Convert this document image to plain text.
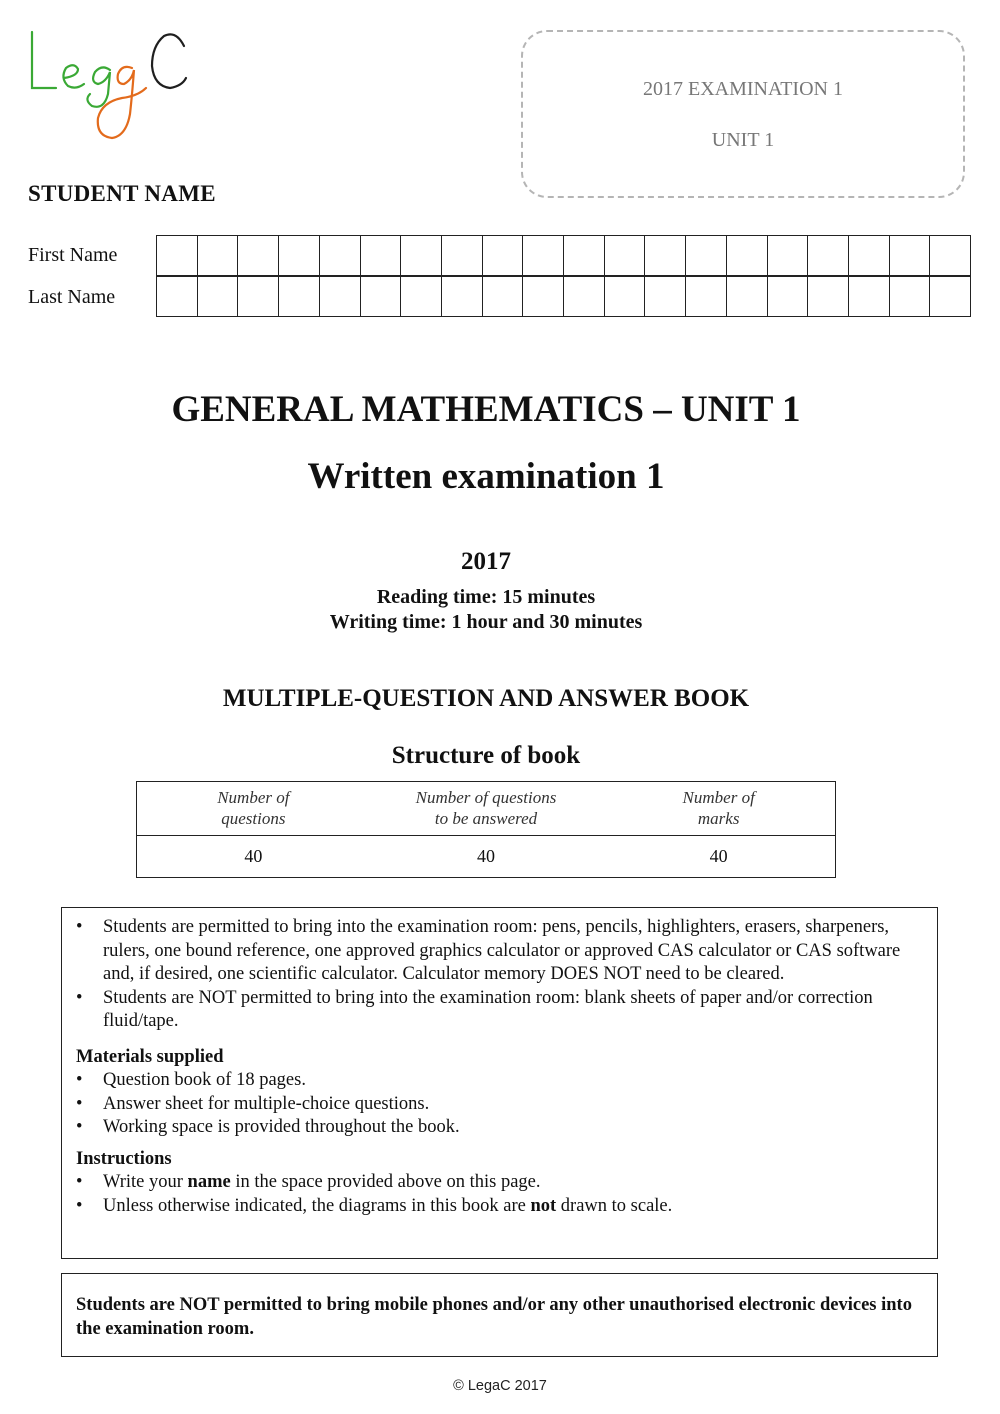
2017 EXAMINATION 1
UNIT 1
STUDENT NAME
First Name
Last Name
GENERAL MATHEMATICS – UNIT 1
Written examination 1
2017
Reading time: 15 minutes
Writing time: 1 hour and 30 minutes
MULTIPLE-QUESTION AND ANSWER BOOK
Structure of book
Number of
questions
Number of questions
to be answered
Number of
marks
40	40	40
• Students are permitted to bring into the examination room: pens, pencils, highlighters, erasers, sharpeners, rulers, one bound reference, one approved graphics calculator or approved CAS calculator or CAS software and, if desired, one scientific calculator. Calculator memory DOES NOT need to be cleared.
• Students are NOT permitted to bring into the examination room: blank sheets of paper and/or correction fluid/tape.
Materials supplied
• Question book of 18 pages.
• Answer sheet for multiple-choice questions.
• Working space is provided throughout the book.
Instructions
• Write your name in the space provided above on this page.
• Unless otherwise indicated, the diagrams in this book are not drawn to scale.
Students are NOT permitted to bring mobile phones and/or any other unauthorised electronic devices into the examination room.
© LegaC 2017
